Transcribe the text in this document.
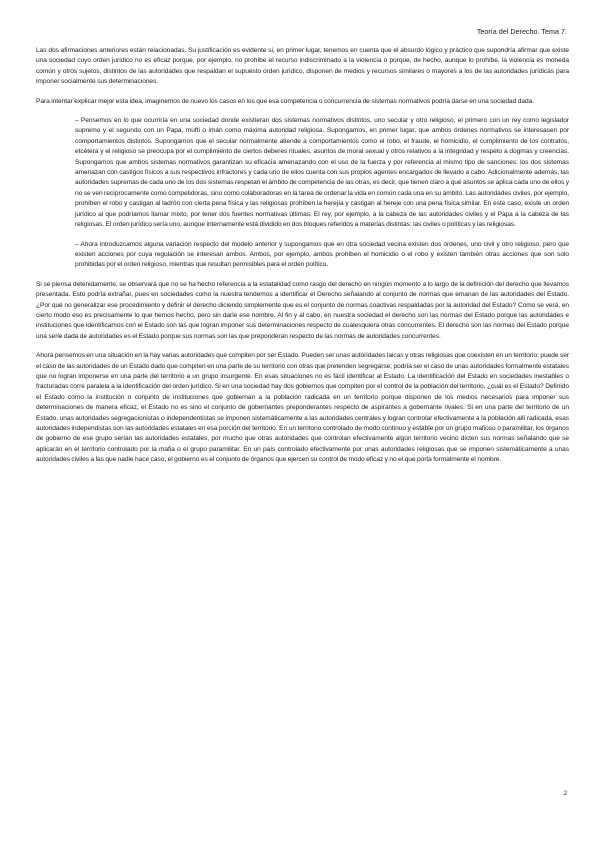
Teoría del Derecho. Tema 7.

Las dos afirmaciones anteriores están relacionadas. Su justificación es evidente si, en primer lugar, tenemos en cuenta que el absurdo lógico y práctico que supondría afirmar que existe una sociedad cuyo orden jurídico no es eficaz porque, por ejemplo, no prohíbe el recurso indiscriminado a la violencia o porque, de hecho, aunque lo prohíbe, la violencia es moneda común y otros sujetos, distintos de las autoridades que respaldan el supuesto orden jurídico, disponen de medios y recursos similares o mayores a los de las autoridades jurídicas para imponer socialmente sus determinaciones.

Para intentar explicar mejor esta idea, imaginemos de nuevo los casos en los que esa competencia o concurrencia de sistemas normativos podría darse en una sociedad dada.

– Pensemos en lo que ocurriría en una sociedad donde existieran dos sistemas normativos distintos, uno secular y otro religioso, el primero con un rey como legislador supremo y el segundo con un Papa, mufti o imán como máxima autoridad religiosa. Supongamos, en primer lugar, que ambos órdenes normativos se interesasen por comportamientos distintos. Supongamos que el secular normalmente atiende a comportamientos como el robo, el fraude, el homicidio, el cumplimiento de los contratos, etcétera y el religioso se preocupa por el cumplimiento de ciertos deberes rituales, asuntos de moral sexual y otros relativos a la integridad y respeto a dogmas y creencias. Supongamos que ambos sistemas normativos garantizan su eficacia amenazando con el uso de la fuerza y por referencia al mismo tipo de sanciones: los dos sistemas amenazan con castigos físicos a sus respectivos infractores y cada uno de ellos cuenta con sus propios agentes encargados de llevarlo a cabo. Adicionalmente además, las autoridades supremas de cada uno de los dos sistemas respetan el ámbito de competencia de las otras, es decir, que tienen claro a qué asuntos se aplica cada uno de ellos y no se ven recíprocamente como competidoras, sino como colaboradoras en la tarea de ordenar la vida en común cada una en su ámbito. Las autoridades civiles, por ejemplo, prohíben el robo y castigan al ladrón con cierta pena física y las religiosas prohíben la herejía y castigan al hereje con una pena física similar. En este caso, existe un orden jurídico al que podríamos llamar mixto, por tener dos fuentes normativas últimas: El rey, por ejemplo, a la cabeza de las autoridades civiles y el Papa a la cabeza de las religiosas. El orden jurídico sería uno, aunque internamente está dividido en dos bloques referidos a materias distintas: las civiles o políticas y las religiosas.

– Ahora introduzcamos alguna variación respecto del modelo anterior y supongamos que en otra sociedad vecina existen dos órdenes, uno civil y otro religioso, pero que existen acciones por cuya regulación se interesan ambos. Ambos, por ejemplo, ambos prohíben el homicidio o el robo y existen también otras acciones que son solo prohibidas por el orden religioso, mientras que resultan permisibles para el orden político.

Si se piensa detenidamente, se observará que no se ha hecho referencia a la estatalidad como rasgo del derecho en ningún momento a lo largo de la definición del derecho que llevamos presentada. Esto podría extrañar, pues en sociedades como la nuestra tendemos a identificar el Derecho señalando al conjunto de normas que emanan de las autoridades del Estado. ¿Por qué no generalizar ese procedimiento y definir el derecho diciendo simplemente que es el conjunto de normas coactivas respaldadas por la autoridad del Estado? Como se verá, en cierto modo eso es precisamente lo que hemos hecho, pero sin darle ese nombre. Al fin y al cabo, en nuestra sociedad el derecho son las normas del Estado porque las autoridades e instituciones que identificamos con el Estado son las que logran imponer sus determinaciones respecto de cualesquiera otras concurrentes. El derecho son las normas del Estado porque una serie dada de autoridades es el Estado porque sus normas son las que preponderan respecto de las normas de autoridades concurrentes.

Ahora pensemos en una situación en la hay varias autoridades que compiten por ser Estado. Pueden ser unas autoridades laicas y otras religiosas que coexisten en un territorio; puede ser el caso de las autoridades de un Estado dado que compiten en una parte de su territorio con otras que pretenden segregarse; podría ser el caso de unas autoridades formalmente estatales que no logran imponerse en una parte del territorio a un grupo insurgente. En esas situaciones no es fácil identificar al Estado. La identificación del Estado en sociedades inestables o fracturadas corre paralela a la identificación del orden jurídico. Si en una sociedad hay dos gobiernos que compiten por el control de la población del territorio, ¿cuál es el Estado? Definido el Estado como la institución o conjunto de instituciones que gobiernan a la población radicada en un territorio porque disponen de los medios necesarios para imponer sus determinaciones de manera eficaz, el Estado no es sino el conjunto de gobernantes preponderantes respecto de aspirantes a gobernante rivales. Si en una parte del territorio de un Estado, unas autoridades segregacionistas o independentistas se imponen sistemáticamente a las autoridades centrales y logran controlar efectivamente a la población allí radicada, esas autoridades independistas son las autoridades estatales en esa porción del territorio. En un territorio controlado de modo continuo y estable por un grupo mafioso o paramilitar, los órganos de gobierno de ese grupo serían las autoridades estatales, por mucho que otras autoridades que controlan efectivamente algún territorio vecino dicten sus normas señalando que se aplicarán en el territorio controlado por la mafia o el grupo paramilitar. En un país controlado efectivamente por unas autoridades religiosas que se imponen sistemáticamente a unas autoridades civiles a las que nadie hace caso, el gobierno es el conjunto de órganos que ejercen su control de modo eficaz y no el que porta formalmente el nombre.

2
